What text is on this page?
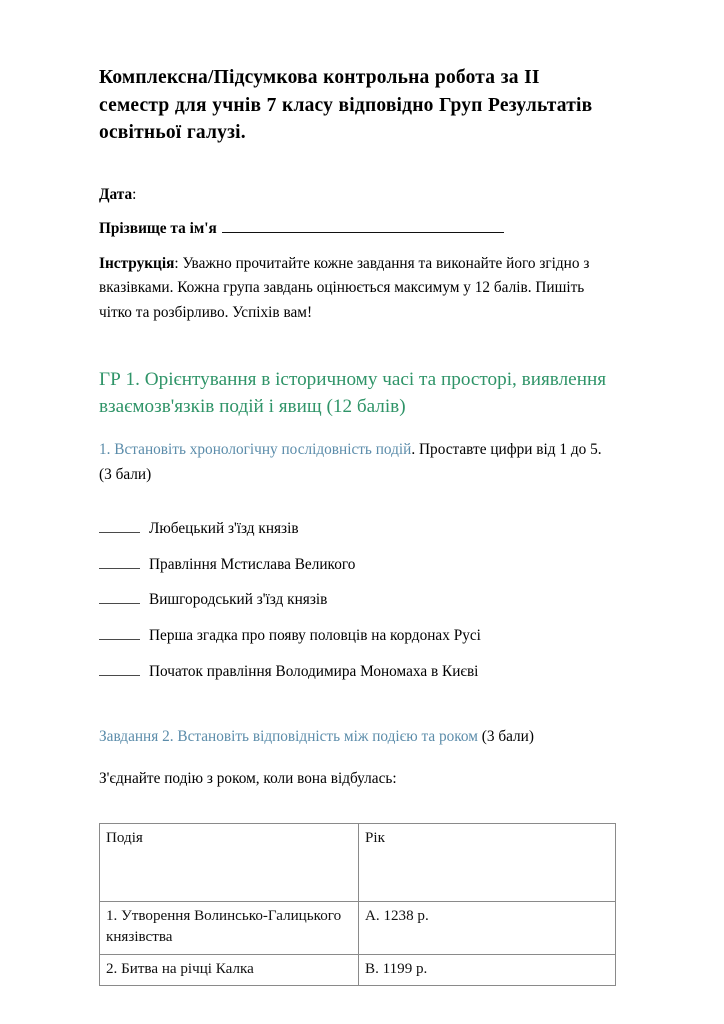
Комплексна/Підсумкова контрольна робота за ІІ семестр для учнів 7 класу відповідно Груп Результатів освітньої галузі.

Дата:

Прізвище та ім'я

Інструкція: Уважно прочитайте кожне завдання та виконайте його згідно з вказівками. Кожна група завдань оцінюється максимум у 12 балів. Пишіть чітко та розбірливо. Успіхів вам!

ГР 1. Орієнтування в історичному часі та просторі, виявлення взаємозв'язків подій і явищ (12 балів)

1. Встановіть хронологічну послідовність подій. Проставте цифри від 1 до 5. (3 бали)

Любецький з'їзд князів
Правління Мстислава Великого
Вишгородський з'їзд князів
Перша згадка про появу половців на кордонах Русі
Початок правління Володимира Мономаха в Києві

Завдання 2. Встановіть відповідність між подією та роком (3 бали)

З'єднайте подію з роком, коли вона відбулась:

Подія	Рік

1. Утворення Волинсько-Галицького князівства	А. 1238 р.

2. Битва на річці Калка	В. 1199 р.
